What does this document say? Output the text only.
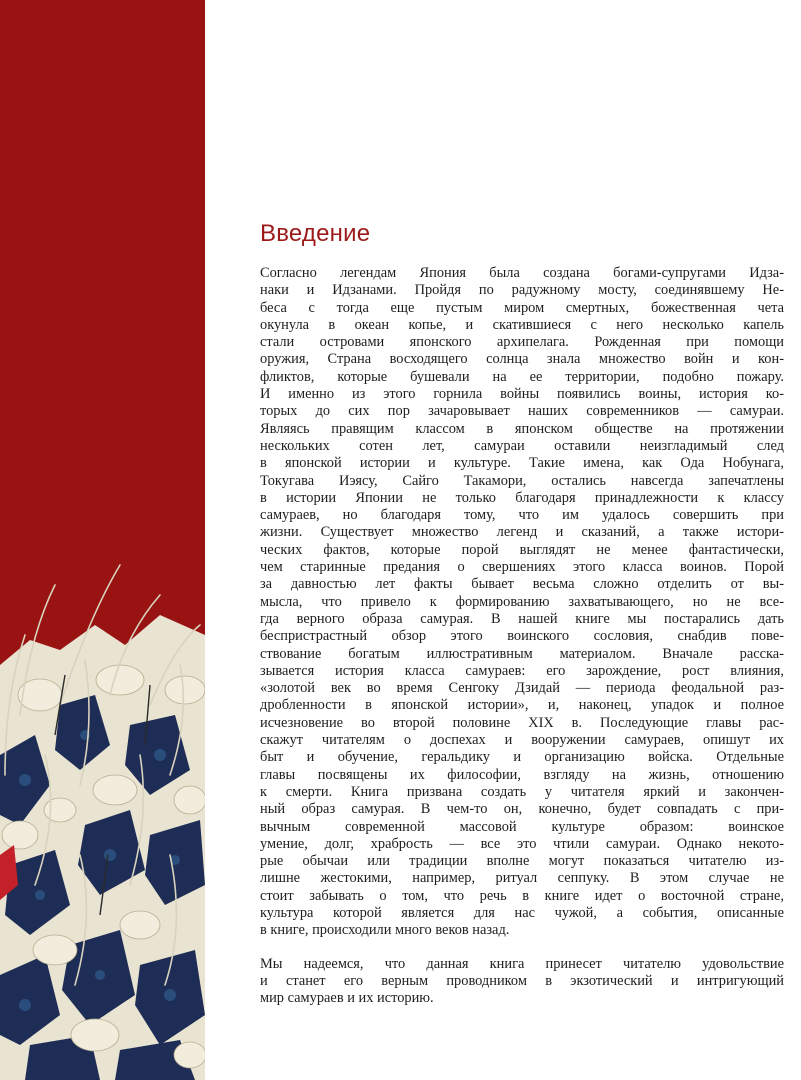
Введение
Согласно легендам Япония была создана богами-супругами Идза-
наки и Идзанами. Пройдя по радужному мосту, соединявшему Не-
беса с тогда еще пустым миром смертных, божественная чета
окунула в океан копье, и скатившиеся с него несколько капель
стали островами японского архипелага. Рожденная при помощи
оружия, Страна восходящего солнца знала множество войн и кон-
фликтов, которые бушевали на ее территории, подобно пожару.
И именно из этого горнила войны появились воины, история ко-
торых до сих пор зачаровывает наших современников — самураи.
Являясь правящим классом в японском обществе на протяжении
нескольких сотен лет, самураи оставили неизгладимый след
в японской истории и культуре. Такие имена, как Ода Нобунага,
Токугава Иэясу, Сайго Такамори, остались навсегда запечатлены
в истории Японии не только благодаря принадлежности к классу
самураев, но благодаря тому, что им удалось совершить при
жизни. Существует множество легенд и сказаний, а также истори-
ческих фактов, которые порой выглядят не менее фантастически,
чем старинные предания о свершениях этого класса воинов. Порой
за давностью лет факты бывает весьма сложно отделить от вы-
мысла, что привело к формированию захватывающего, но не все-
гда верного образа самурая. В нашей книге мы постарались дать
беспристрастный обзор этого воинского сословия, снабдив пове-
ствование богатым иллюстративным материалом. Вначале расска-
зывается история класса самураев: его зарождение, рост влияния,
«золотой век во время Сенгоку Дзидай — периода феодальной раз-
дробленности в японской истории», и, наконец, упадок и полное
исчезновение во второй половине XIX в. Последующие главы рас-
скажут читателям о доспехах и вооружении самураев, опишут их
быт и обучение, геральдику и организацию войска. Отдельные
главы посвящены их философии, взгляду на жизнь, отношению
к смерти. Книга призвана создать у читателя яркий и закончен-
ный образ самурая. В чем-то он, конечно, будет совпадать с при-
вычным современной массовой культуре образом: воинское
умение, долг, храбрость — все это чтили самураи. Однако некото-
рые обычаи или традиции вполне могут показаться читателю из-
лишне жестокими, например, ритуал сеппуку. В этом случае не
стоит забывать о том, что речь в книге идет о восточной стране,
культура которой является для нас чужой, а события, описанные
в книге, происходили много веков назад.
Мы надеемся, что данная книга принесет читателю удовольствие
и станет его верным проводником в экзотический и интригующий
мир самураев и их историю.
